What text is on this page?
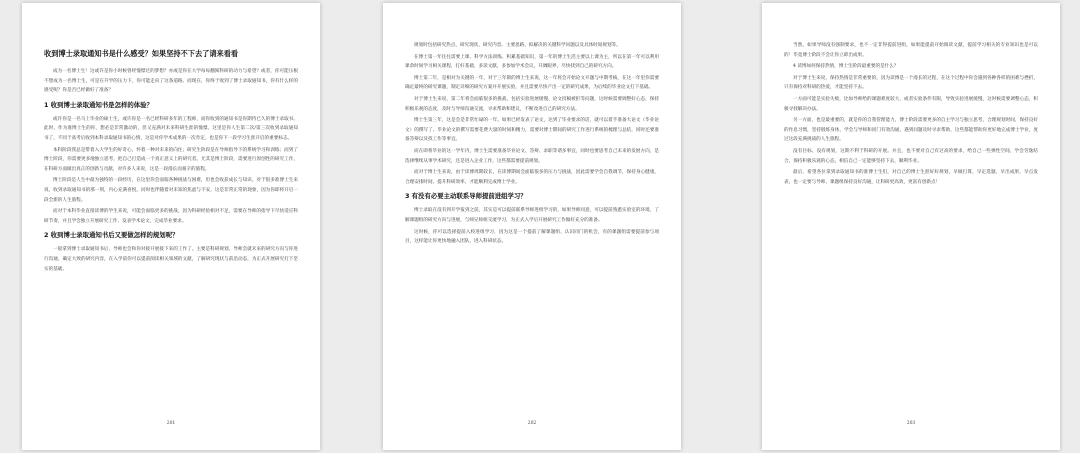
收到博士录取通知书是什么感受？如果坚持不下去了请来看看
成为一名博士生！这或许是你小时候曾经憧憬过的梦想？亦或是你在大学每每翻阅科研的动力与希望？或者，你可能压根不想成为一名博士生，可是在升学的压力下，你可能走向了这条道路。而现在，你终于收到了博士录取通知书，你有什么样的感受呢？你是否已经做好了准备？
1 收到博士录取通知书是怎样的体验？
或许你是一名马上毕业的硕士生，或许你是一名已经科研多年的工程师，而你收到的通知书是你期待已久的博士录取书。此时，作为准博士生的你，想必是非常激动的，但又充满对未来科研生涯的憧憬。这里是你人生第二次/第三次收到录取通知书了，不同于高考后收到本科录取通知书的心情，这是对你学术成果的一次肯定，也是你下一段学习生涯开启的重要标志。
本科阶段我总是带着入大学生的好奇心，怀着一种对未来的向往；研究生阶段是在导师指导下的系统学习和训练；而到了博士阶段，你需要更多地独立思考，把自己打造成一个真正意义上的研究者。尤其是博士阶段，需要进行原创性的研究工作，在科研方面做出真正的创新与贡献，对许多人来说，这是一段漫长而艰辛的旅程。
博士阶段是人生中最为独特的一段经历，在这里你会面临各种挑战与困难，但也会收获成长与知识。对于很多准博士生来说，收到录取通知书的那一刻，内心充满喜悦，同时也伴随着对未知的焦虑与不安，这是非常正常的现象，因为你即将开启一段全新的人生旅程。
而对于本科毕业直接读博的学生来说，可能会面临更多的挑战，因为科研经验相对不足，需要在导师的指导下尽快适应科研节奏，并且学会独立开展研究工作，发表学术论文，完成毕业要求。
2 收到博士录取通知书后又要做怎样的规划呢？
一般拿到博士录取通知书后，导师也会和你对接开展接下来的工作了。主要是科研规划、导师会就未来的研究方向与你进行沟通，确定大致的研究内容，在入学前你可以提前阅读相关领域的文献，了解研究现状与前沿动态，为正式开展研究打下坚实的基础。
201
规划时包括研究热点、研究现状、研究内容、主要思路、拟解决的关键科学问题以及具体时间规划等。
在博士第一年往往需要上课、科学方法训练、积累基础知识，第一年的博士生活主要以上课为主，所以在第一年可以利用课余时间学习相关课程，打好基础，多读文献，多参加学术会议，开阔眼界，尽快找到自己的研究方向。
博士第二年，是相对为关键的一年，对于三年制的博士生来说，这一年将会开始论文开题与中期考核，在这一年里你需要确定最终的研究课题，制定详细的研究方案并开展实验，并且需要尽快产出一定的研究成果，为后续的毕业论文打下基础。
对于博士生来说，第二年将会面临很多的挑战，包括实验进展缓慢、论文投稿被拒等问题，这时候需要调整好心态，保持积极乐观的态度，及时与导师沟通交流，寻求帮助和建议，不断改进自己的研究方法。
博士生第三年，这是会是非常忙碌的一年。如果已经发表了论文，达到了毕业要求的话，就可以着手准备大论文（毕业论文）的撰写了。毕业论文的撰写需要花费大量的时间和精力，需要对博士期间的研究工作进行系统的梳理与总结，同时还要准备答辩以及找工作等事宜。
而在即将毕业的这一学年内，博士生需要准备毕业论文、答辩、求职等诸多事宜，同时也要思考自己未来的发展方向，是选择继续从事学术研究，还是进入企业工作，这些都需要提前规划。
而对于博士生来说，由于读博周期较长，在读博期间会面临很多的压力与挑战，因此需要学会自我调节，保持身心健康，合理安排时间，提升科研效率，才能顺利完成博士学业。
3 有没有必要主动联系导师提前进组学习？
博士录取在没有到开学报到之前，其实是可以提前联系导师进组学习的，如果导师同意，可以提前熟悉实验室的环境，了解课题组的研究方向与进展，与师兄师姐交流学习，为正式入学后开展研究工作做好充分的准备。
这时候，你可以选择提前入校进组学习，因为这是一个提前了解课题组、认识同门的机会，有的课题组需要提前参与项目，这样能让你更快地融入团队，进入科研状态。
202
当然，如果导师没有强制要求，也不一定非得提前进组，如果能提前开始阅读文献，提前学习相关的专业知识也是可以的！毕竟博士阶段不会让你立即出成果。
4 读博如何保持热情，博士生阶段最重要的是什么？
对于博士生来说，保持热情是非常重要的，因为读博是一个漫长的过程，在这个过程中你会遇到各种各样的困难与挫折，只有保持对科研的热爱，才能坚持下去。
一方面可能是实验失败，比如导师给的课题难度较大，或者实验条件有限，导致实验进展缓慢，这时候需要调整心态，积极寻找解决办法。
另一方面，也是最重要的，就是你的自我管理能力，博士阶段需要更多的自主学习与独立思考，合理规划时间，保持良好的作息习惯，坚持锻炼身体，学会与导师和同门有效沟通，遇到问题及时寻求帮助，这些都能帮助你更好地完成博士学业，度过这段充满挑战的人生旅程。
没有目标、没有规划，这期不利于科研的开展。并且，也不要对自己有过高的要求，给自己一些弹性空间，学会劳逸结合，保持积极乐观的心态，相信自己一定能够坚持下去，顺利毕业。
最后，希望各位拿到录取通知书的准博士生们，对自己的博士生涯好好规划，早做打算，早定选题，早出成果，早点发表，也一定要与导师、课题组保持良好沟通，让科研更高效，更富有创新点！
203
